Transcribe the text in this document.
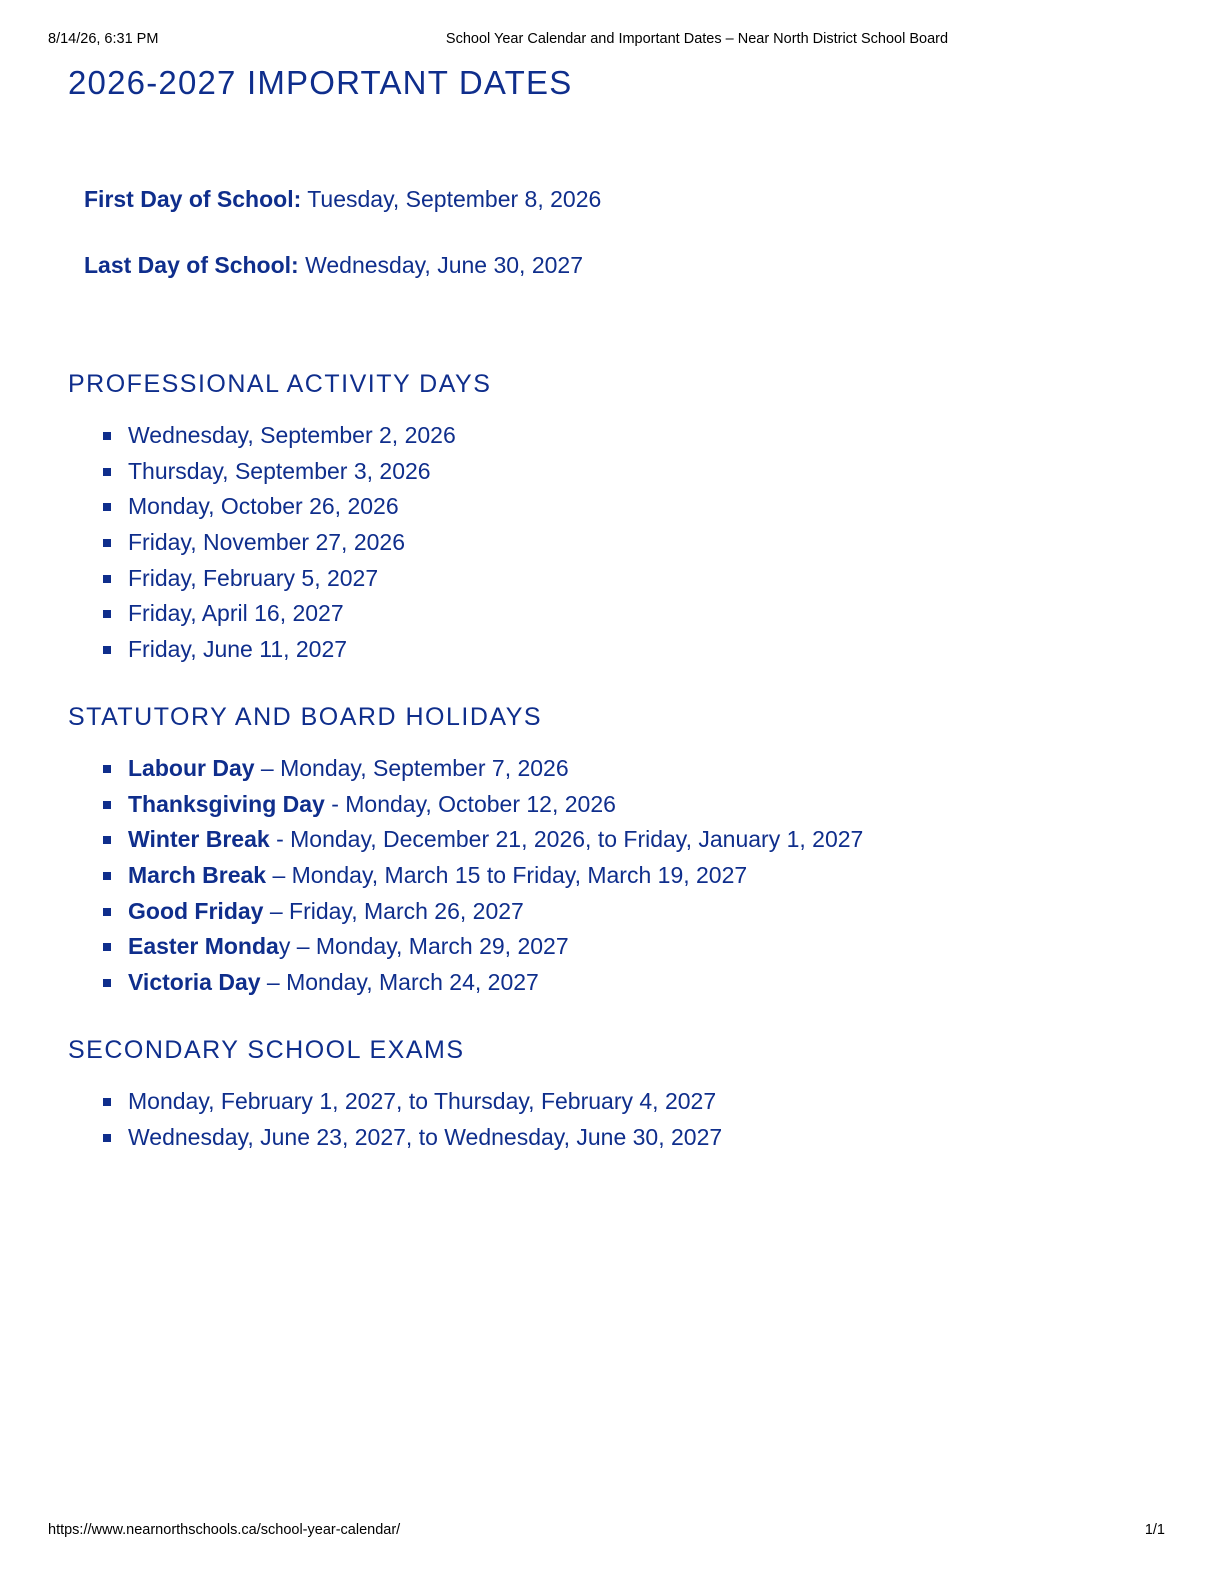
8/14/26, 6:31 PM	School Year Calendar and Important Dates – Near North District School Board
2026-2027 IMPORTANT DATES

First Day of School: Tuesday, September 8, 2026

Last Day of School: Wednesday, June 30, 2027

PROFESSIONAL ACTIVITY DAYS
Wednesday, September 2, 2026
Thursday, September 3, 2026
Monday, October 26, 2026
Friday, November 27, 2026
Friday, February 5, 2027
Friday, April 16, 2027
Friday, June 11, 2027
STATUTORY AND BOARD HOLIDAYS
Labour Day – Monday, September 7, 2026
Thanksgiving Day - Monday, October 12, 2026
Winter Break - Monday, December 21, 2026, to Friday, January 1, 2027
March Break – Monday, March 15 to Friday, March 19, 2027
Good Friday – Friday, March 26, 2027
Easter Monday – Monday, March 29, 2027
Victoria Day – Monday, March 24, 2027
SECONDARY SCHOOL EXAMS
Monday, February 1, 2027, to Thursday, February 4, 2027
Wednesday, June 23, 2027, to Wednesday, June 30, 2027
https://www.nearnorthschools.ca/school-year-calendar/	1/1
